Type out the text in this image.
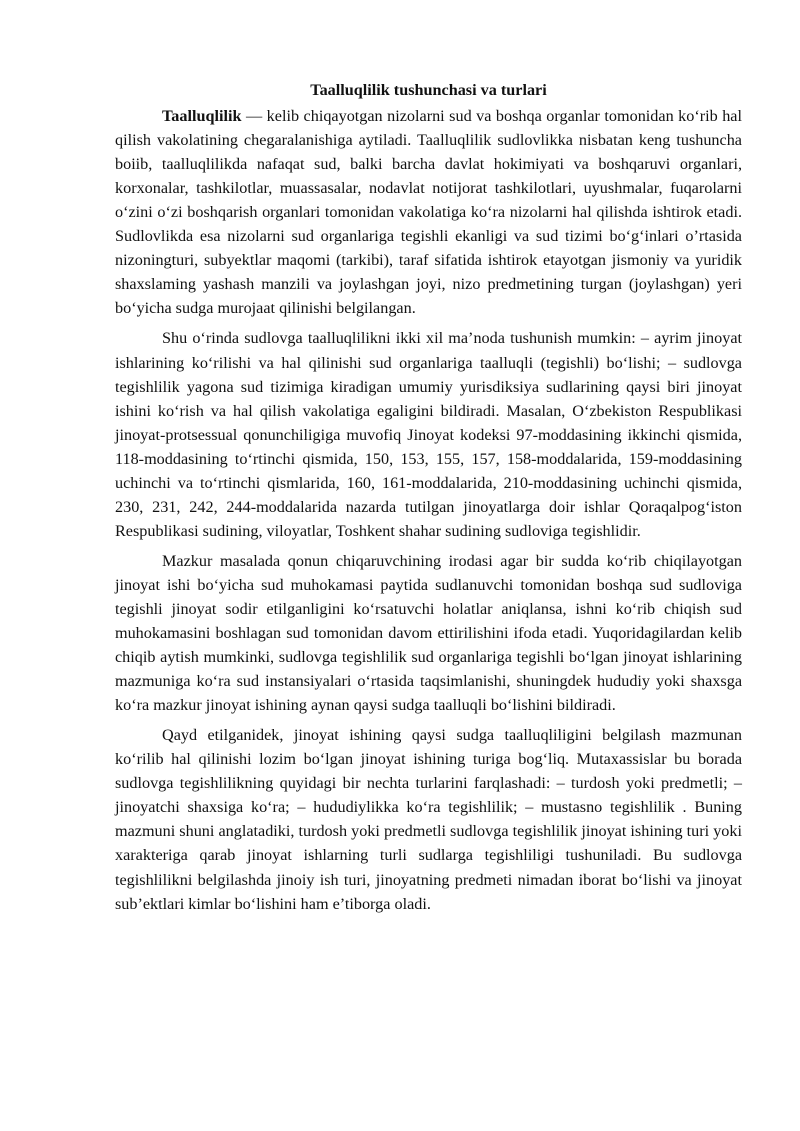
Taalluqlilik tushunchasi va turlari

Taalluqlilik — kelib chiqayotgan nizolarnі sud va boshqa organlar tomonidan ko‘rib hal qilish vakolatining chegaralanishiga aytiladi. Taalluqlilik sudlovlikka nisbatan keng tushuncha boiib, taalluqlilikda nafaqat sud, balki barcha davlat hokimiyati va boshqaruvi organlari, korxonalar, tashkilotlar, muassasalar, nodavlat notijorat tashkilotlari, uyushmalar, fuqarolarni o‘zini o‘zi boshqarish organlari tomonidan vakolatiga ko‘ra nizolarni hal qilishda ishtirok etadi. Sudlovlikda esa nizolarni sud organlariga tegishli ekanligi va sud tizimi bo‘g‘inlari o’rtasida nizoningturi, subyektlar maqomi (tarkibi), taraf sifatida ishtirok etayotgan jismoniy va yuridik shaxslaming yashash manzili va joylashgan joyi, nizo predmetining turgan (joylashgan) yeri bo‘yicha sudga murojaat qilinishi belgilangan.

Shu o‘rinda sudlovga taalluqlilikni ikki xil ma’noda tushunish mumkin: – ayrim jinoyat ishlarining ko‘rilishi va hal qilinishi sud organlariga taalluqli (tegishli) bo‘lishi; – sudlovga tegishlilik yagona sud tizimiga kiradigan umumiy yurisdiksiya sudlarining qaysi biri jinoyat ishini ko‘rish va hal qilish vakolatiga egaligini bildiradi. Masalan, O‘zbekiston Respublikasi jinoyat-protsessual qonunchiligiga muvofiq Jinoyat kodeksi 97-moddasining ikkinchi qismida, 118-moddasining to‘rtinchi qismida, 150, 153, 155, 157, 158-moddalarida, 159-moddasining uchinchi va to‘rtinchi qismlarida, 160, 161-moddalarida, 210-moddasining uchinchi qismida, 230, 231, 242, 244-moddalarida nazarda tutilgan jinoyatlarga doir ishlar Qoraqalpog‘iston Respublikasi sudining, viloyatlar, Toshkent shahar sudining sudloviga tegishlidir.

Mazkur masalada qonun chiqaruvchining irodasi agar bir sudda ko‘rib chiqilayotgan jinoyat ishi bo‘yicha sud muhokamasi paytida sudlanuvchi tomonidan boshqa sud sudloviga tegishli jinoyat sodir etilganligini ko‘rsatuvchi holatlar aniqlansa, ishni ko‘rib chiqish sud muhokamasini boshlagan sud tomonidan davom ettirilishini ifoda etadi. Yuqoridagilardan kelib chiqib aytish mumkinki, sudlovga tegishlilik sud organlariga tegishli bo‘lgan jinoyat ishlarining mazmuniga ko‘ra sud instansiyalari o‘rtasida taqsimlanishi, shuningdek hududiy yoki shaxsga ko‘ra mazkur jinoyat ishining aynan qaysi sudga taalluqli bo‘lishini bildiradi.

Qayd etilganidek, jinoyat ishining qaysi sudga taalluqliligini belgilash mazmunan ko‘rilib hal qilinishi lozim bo‘lgan jinoyat ishining turiga bog‘liq. Mutaxassislar bu borada sudlovga tegishlilikning quyidagi bir nechta turlarini farqlashadi: – turdosh yoki predmetli; – jinoyatchi shaxsiga ko‘ra; – hududiylikka ko‘ra tegishlilik; – mustasno tegishlilik . Buning mazmuni shuni anglatadiki, turdosh yoki predmetli sudlovga tegishlilik jinoyat ishining turi yoki xarakteriga qarab jinoyat ishlarning turli sudlarga tegishliligi tushuniladi. Bu sudlovga tegishlilikni belgilashda jinoiy ish turi, jinoyatning predmeti nimadan iborat bo‘lishi va jinoyat sub’ektlari kimlar bo‘lishini ham e’tiborga oladi.
